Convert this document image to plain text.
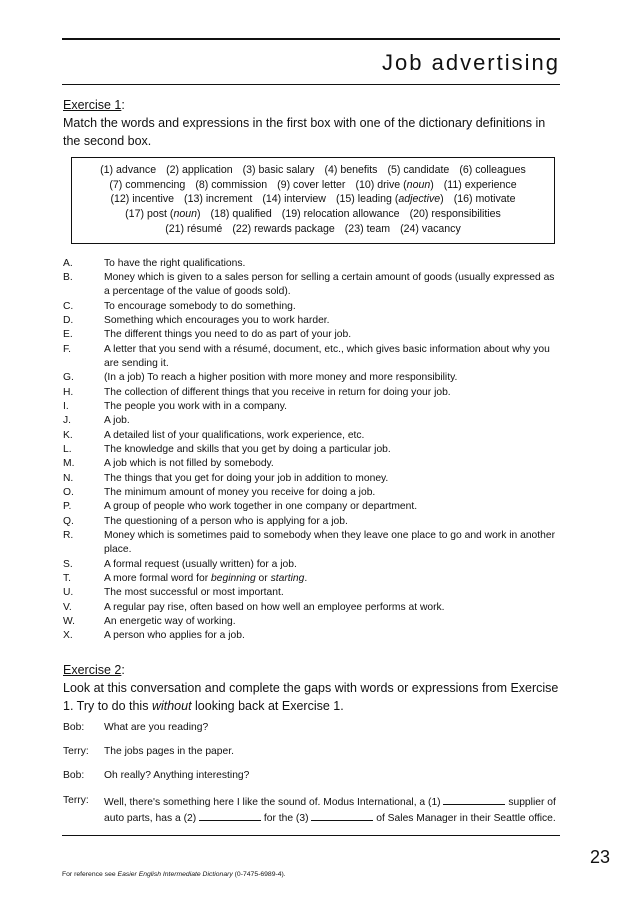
Job advertising
Exercise 1:

Match the words and expressions in the first box with one of the dictionary definitions in the second box.

(1) advance (2) application (3) basic salary (4) benefits (5) candidate (6) colleagues
(7) commencing (8) commission (9) cover letter (10) drive (noun) (11) experience
(12) incentive (13) increment (14) interview (15) leading (adjective) (16) motivate
(17) post (noun) (18) qualified (19) relocation allowance (20) responsibilities
(21) résumé (22) rewards package (23) team (24) vacancy
A.	To have the right qualifications.
B.	Money which is given to a sales person for selling a certain amount of goods (usually expressed as a percentage of the value of goods sold).
C.	To encourage somebody to do something.
D.	Something which encourages you to work harder.
E.	The different things you need to do as part of your job.
F.	A letter that you send with a résumé, document, etc., which gives basic information about why you are sending it.
G.	(In a job) To reach a higher position with more money and more responsibility.
H.	The collection of different things that you receive in return for doing your job.
I.	The people you work with in a company.
J.	A job.
K.	A detailed list of your qualifications, work experience, etc.
L.	The knowledge and skills that you get by doing a particular job.
M.	A job which is not filled by somebody.
N.	The things that you get for doing your job in addition to money.
O.	The minimum amount of money you receive for doing a job.
P.	A group of people who work together in one company or department.
Q.	The questioning of a person who is applying for a job.
R.	Money which is sometimes paid to somebody when they leave one place to go and work in another place.
S.	A formal request (usually written) for a job.
T.	A more formal word for beginning or starting.
U.	The most successful or most important.
V.	A regular pay rise, often based on how well an employee performs at work.
W.	An energetic way of working.
X.	A person who applies for a job.
Exercise 2:

Look at this conversation and complete the gaps with words or expressions from Exercise 1. Try to do this without looking back at Exercise 1.

Bob:	What are you reading?
Terry:	The jobs pages in the paper.
Bob:	Oh really? Anything interesting?
Terry:	Well, there's something here I like the sound of. Modus International, a (1)	supplier of auto parts, has a (2)	for the (3)	of Sales Manager in their Seattle office.
23
For reference see Easier English Intermediate Dictionary (0-7475-6989-4).
